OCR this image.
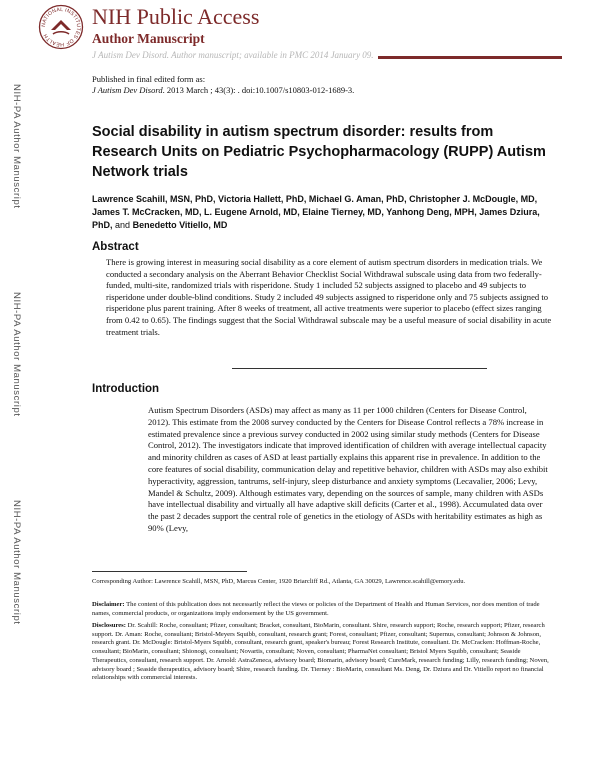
NATIONAL INSTITUTES OF HEALTH
NIH Public Access
Author Manuscript
J Autism Dev Disord. Author manuscript; available in PMC 2014 January 09.
Published in final edited form as:
J Autism Dev Disord. 2013 March ; 43(3): . doi:10.1007/s10803-012-1689-3.
NIH-PA Author Manuscript
NIH-PA Author Manuscript
NIH-PA Author Manuscript
Social disability in autism spectrum disorder: results from Research Units on Pediatric Psychopharmacology (RUPP) Autism Network trials

Lawrence Scahill, MSN, PhD, Victoria Hallett, PhD, Michael G. Aman, PhD, Christopher J. McDougle, MD, James T. McCracken, MD, L. Eugene Arnold, MD, Elaine Tierney, MD, Yanhong Deng, MPH, James Dziura, PhD, and Benedetto Vitiello, MD

Abstract

There is growing interest in measuring social disability as a core element of autism spectrum disorders in medication trials. We conducted a secondary analysis on the Aberrant Behavior Checklist Social Withdrawal subscale using data from two federally-funded, multi-site, randomized trials with risperidone. Study 1 included 52 subjects assigned to placebo and 49 subjects to risperidone under double-blind conditions. Study 2 included 49 subjects assigned to risperidone only and 75 subjects assigned to risperidone plus parent training. After 8 weeks of treatment, all active treatments were superior to placebo (effect sizes ranging from 0.42 to 0.65). The findings suggest that the Social Withdrawal subscale may be a useful measure of social disability in acute treatment trials.

Introduction

Autism Spectrum Disorders (ASDs) may affect as many as 11 per 1000 children (Centers for Disease Control, 2012). This estimate from the 2008 survey conducted by the Centers for Disease Control reflects a 78% increase in estimated prevalence since a previous survey conducted in 2002 using similar study methods (Centers for Disease Control, 2012). The investigators indicate that improved identification of children with average intellectual capacity and minority children as cases of ASD at least partially explains this apparent rise in prevalence. In addition to the core features of social disability, communication delay and repetitive behavior, children with ASDs may also exhibit hyperactivity, aggression, tantrums, self-injury, sleep disturbance and anxiety symptoms (Lecavalier, 2006; Levy, Mandel & Schultz, 2009). Although estimates vary, depending on the sources of sample, many children with ASDs have intellectual disability and virtually all have adaptive skill deficits (Carter et al., 1998). Accumulated data over the past 2 decades support the central role of genetics in the etiology of ASDs with heritability estimates as high as 90% (Levy,

Corresponding Author: Lawrence Scahill, MSN, PhD, Marcus Center, 1920 Briarcliff Rd., Atlanta, GA 30029, Lawrence.scahill@emory.edu.

Disclaimer: The content of this publication does not necessarily reflect the views or policies of the Department of Health and Human Services, nor does mention of trade names, commercial products, or organizations imply endorsement by the US government.

Disclosures: Dr. Scahill: Roche, consultant; Pfizer, consultant; Bracket, consultant, BioMarin, consultant. Shire, research support; Roche, research support; Pfizer, research support. Dr. Aman: Roche, consultant; Bristol-Meyers Squibb, consultant, research grant; Forest, consultant; Pfizer, consultant; Supernus, consultant; Johnson & Johnson, research grant. Dr. McDougle: Bristol-Myers Squibb, consultant, research grant, speaker's bureau; Forest Research Institute, consultant. Dr. McCracken: Hoffman-Roche, consultant; BioMarin, consultant; Shionogi, consultant; Novartis, consultant; Noven, consultant; PharmaNet consultant; Bristol Myers Squibb, consultant; Seaside Therapeutics, consultant, research support. Dr. Arnold: AstraZeneca, advisory board; Biomarin, advisory board; CureMark, research funding; Lilly, research funding; Noven, advisory board ; Seaside therapeutics, advisory board; Shire, research funding. Dr. Tierney : BioMarin, consultant Ms. Deng, Dr. Dziura and Dr. Vitiello report no financial relationships with commercial interests.
